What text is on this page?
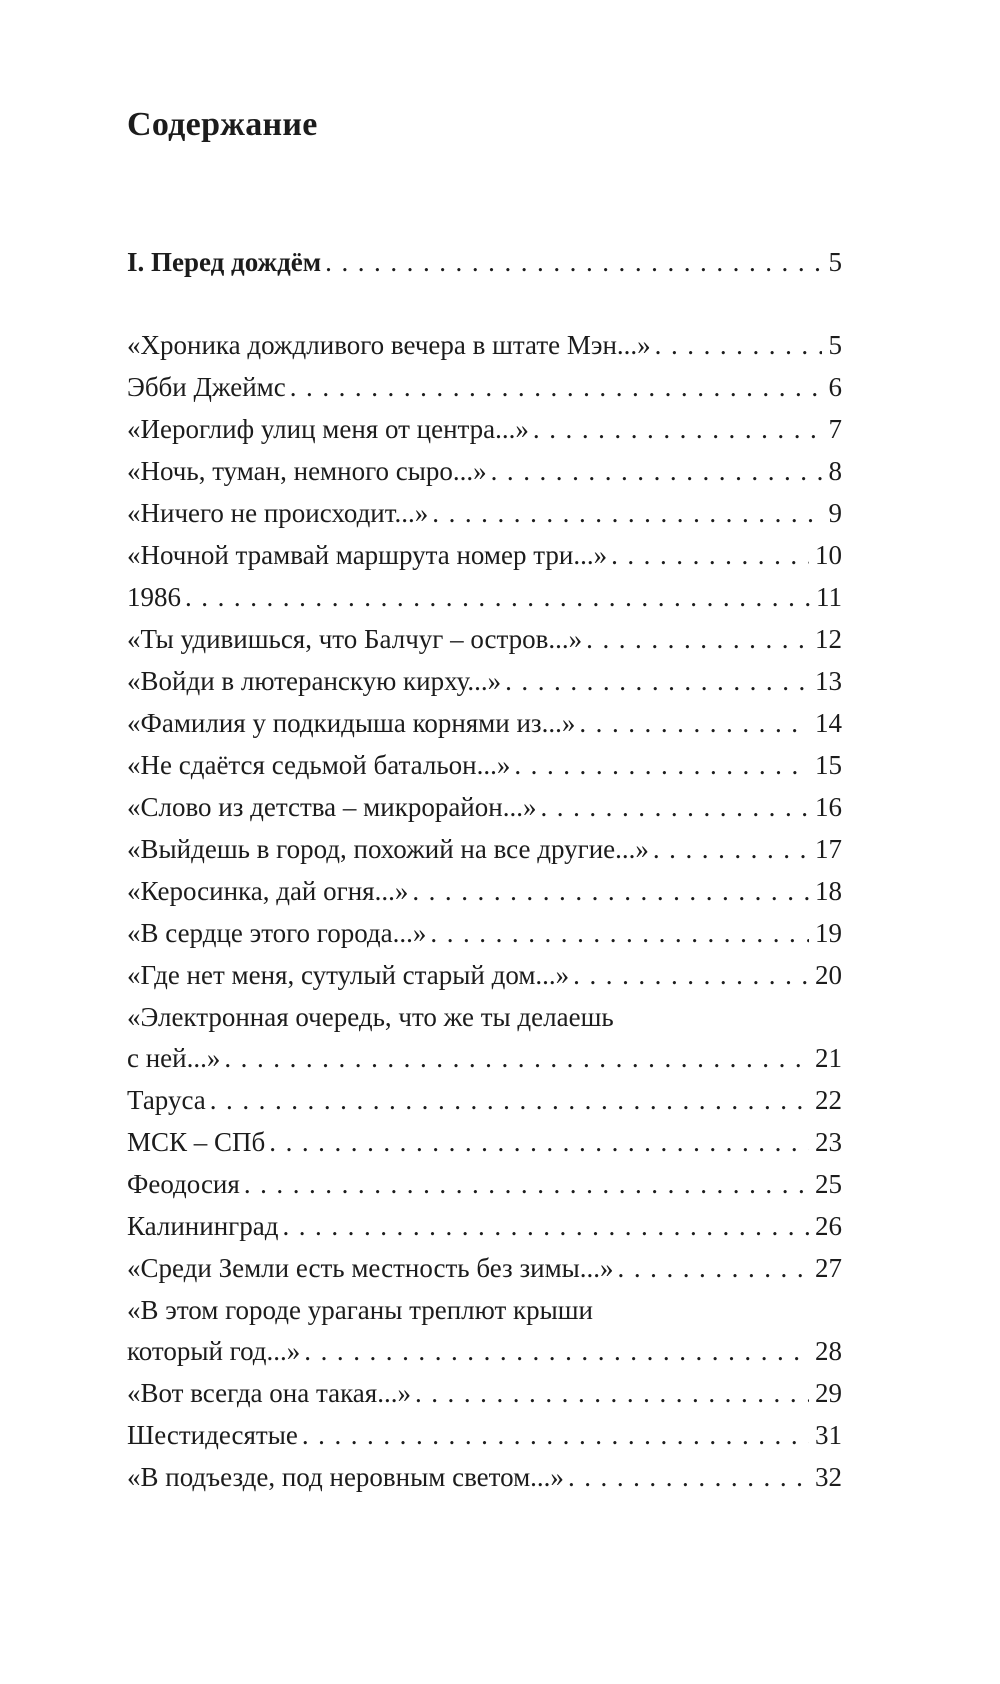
Содержание
I. Перед дождём . . .	5
«Хроника дождливого вечера в штате Мэн...» . . .	5
Эбби Джеймс . . .	6
«Иероглиф улиц меня от центра...» . . .	7
«Ночь, туман, немного сыро...» . . .	8
«Ничего не происходит...» . . .	9
«Ночной трамвай маршрута номер три...» . . .	10
1986 . . .	11
«Ты удивишься, что Балчуг – остров...» . . .	12
«Войди в лютеранскую кирху...» . . .	13
«Фамилия у подкидыша корнями из...» . . .	14
«Не сдаётся седьмой батальон...» . . .	15
«Слово из детства – микрорайон...» . . .	16
«Выйдешь в город, похожий на все другие...» . . .	17
«Керосинка, дай огня...» . . .	18
«В сердце этого города...» . . .	19
«Где нет меня, сутулый старый дом...» . . .	20
«Электронная очередь, что же ты делаешь
с ней...» . . .	21
Таруса . . .	22
МСК – СПб . . .	23
Феодосия . . .	25
Калининград . . .	26
«Среди Земли есть местность без зимы...» . . .	27
«В этом городе ураганы треплют крыши
который год...» . . .	28
«Вот всегда она такая...» . . .	29
Шестидесятые . . .	31
«В подъезде, под неровным светом...» . . .	32
